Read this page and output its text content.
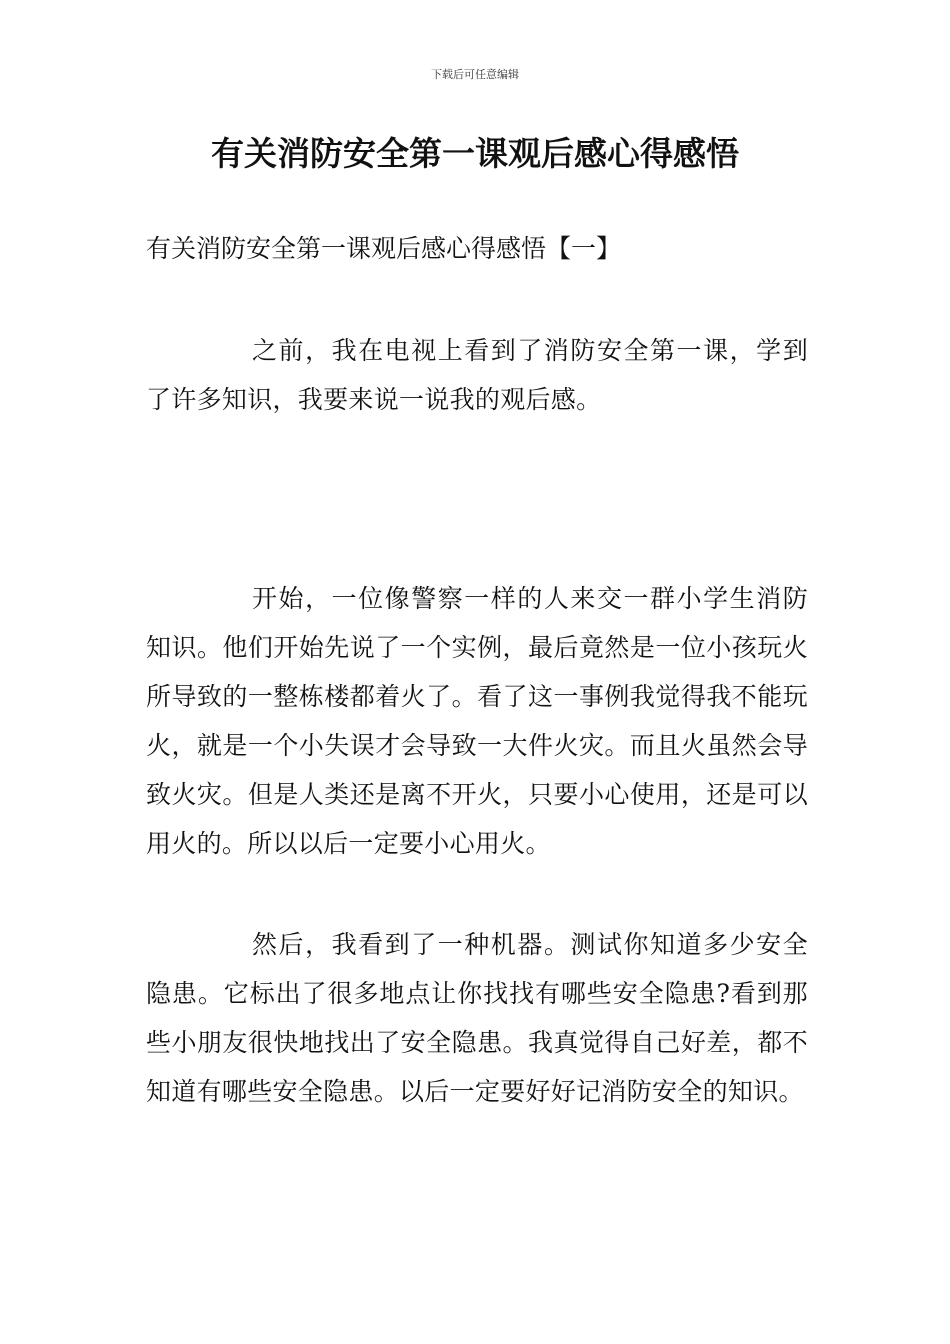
下载后可任意编辑
有关消防安全第一课观后感心得感悟
有关消防安全第一课观后感心得感悟【一】

之前，我在电视上看到了消防安全第一课，学到了许多知识，我要来说一说我的观后感。

开始，一位像警察一样的人来交一群小学生消防知识。他们开始先说了一个实例，最后竟然是一位小孩玩火所导致的一整栋楼都着火了。看了这一事例我觉得我不能玩火，就是一个小失误才会导致一大件火灾。而且火虽然会导致火灾。但是人类还是离不开火，只要小心使用，还是可以用火的。所以以后一定要小心用火。

然后，我看到了一种机器。测试你知道多少安全隐患。它标出了很多地点让你找找有哪些安全隐患?看到那些小朋友很快地找出了安全隐患。我真觉得自己好差，都不知道有哪些安全隐患。以后一定要好好记消防安全的知识。
